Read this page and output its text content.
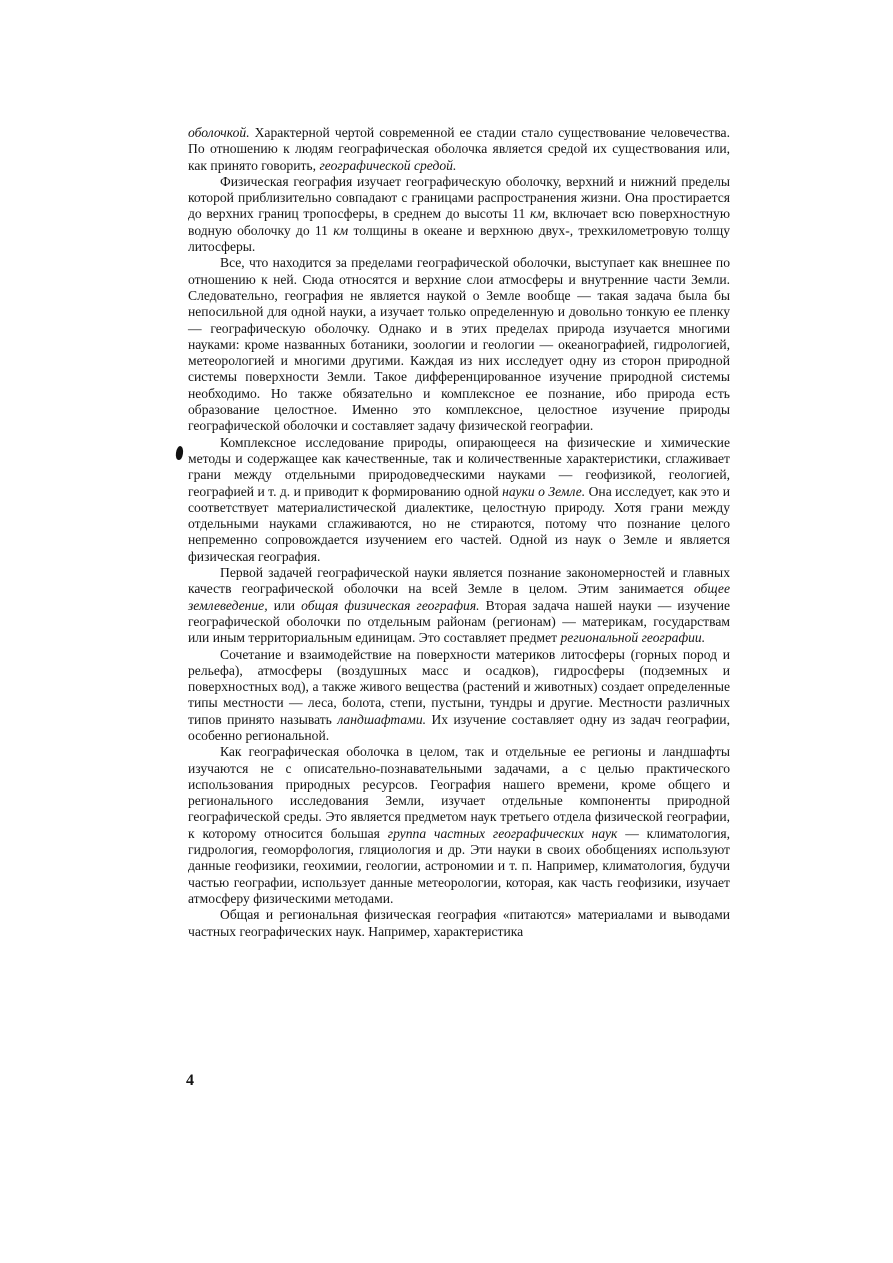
оболочкой. Характерной чертой современной ее стадии стало существование человечества. По отношению к людям географическая оболочка является средой их существования или, как принято говорить, географической средой.

Физическая география изучает географическую оболочку, верхний и нижний пределы которой приблизительно совпадают с границами распространения жизни. Она простирается до верхних границ тропосферы, в среднем до высоты 11 км, включает всю поверхностную водную оболочку до 11 км толщины в океане и верхнюю двух-, трехкилометровую толщу литосферы.

Все, что находится за пределами географической оболочки, выступает как внешнее по отношению к ней. Сюда относятся и верхние слои атмосферы и внутренние части Земли. Следовательно, география не является наукой о Земле вообще — такая задача была бы непосильной для одной науки, а изучает только определенную и довольно тонкую ее пленку — географическую оболочку. Однако и в этих пределах природа изучается многими науками: кроме названных ботаники, зоологии и геологии — океанографией, гидрологией, метеорологией и многими другими. Каждая из них исследует одну из сторон природной системы поверхности Земли. Такое дифференцированное изучение природной системы необходимо. Но также обязательно и комплексное ее познание, ибо природа есть образование целостное. Именно это комплексное, целостное изучение природы географической оболочки и составляет задачу физической географии.

Комплексное исследование природы, опирающееся на физические и химические методы и содержащее как качественные, так и количественные характеристики, сглаживает грани между отдельными природоведческими науками — геофизикой, геологией, географией и т. д. и приводит к формированию одной науки о Земле. Она исследует, как это и соответствует материалистической диалектике, целостную природу. Хотя грани между отдельными науками сглаживаются, но не стираются, потому что познание целого непременно сопровождается изучением его частей. Одной из наук о Земле и является физическая география.

Первой задачей географической науки является познание закономерностей и главных качеств географической оболочки на всей Земле в целом. Этим занимается общее землеведение, или общая физическая география. Вторая задача нашей науки — изучение географической оболочки по отдельным районам (регионам) — материкам, государствам или иным территориальным единицам. Это составляет предмет региональной географии.

Сочетание и взаимодействие на поверхности материков литосферы (горных пород и рельефа), атмосферы (воздушных масс и осадков), гидросферы (подземных и поверхностных вод), а также живого вещества (растений и животных) создает определенные типы местности — леса, болота, степи, пустыни, тундры и другие. Местности различных типов принято называть ландшафтами. Их изучение составляет одну из задач географии, особенно региональной.

Как географическая оболочка в целом, так и отдельные ее регионы и ландшафты изучаются не с описательно-познавательными задачами, а с целью практического использования природных ресурсов. География нашего времени, кроме общего и регионального исследования Земли, изучает отдельные компоненты природной географической среды. Это является предметом наук третьего отдела физической географии, к которому относится большая группа частных географических наук — климатология, гидрология, геоморфология, гляциология и др. Эти науки в своих обобщениях используют данные геофизики, геохимии, геологии, астрономии и т. п. Например, климатология, будучи частью географии, использует данные метеорологии, которая, как часть геофизики, изучает атмосферу физическими методами.

Общая и региональная физическая география «питаются» материалами и выводами частных географических наук. Например, характеристика

4
